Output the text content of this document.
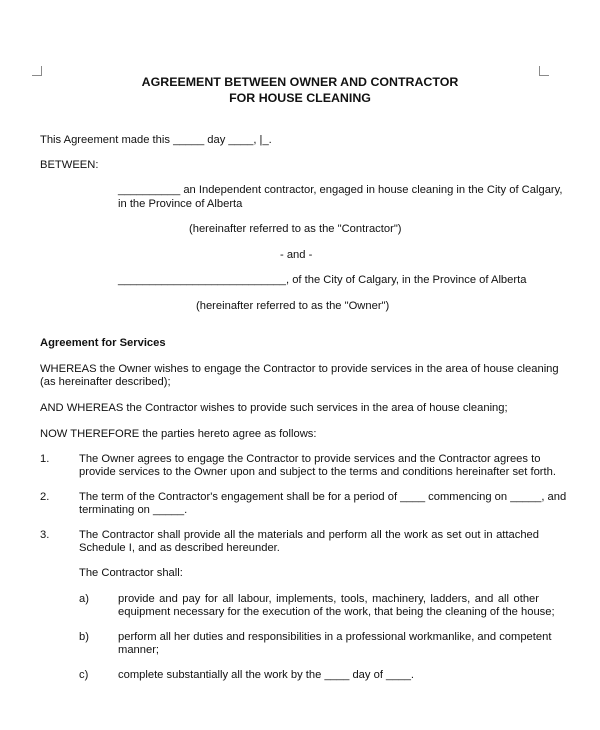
AGREEMENT BETWEEN OWNER AND CONTRACTOR
FOR HOUSE CLEANING
This Agreement made this _____ day ____, |_.
BETWEEN:
__________ an Independent contractor, engaged in house cleaning in the City of Calgary,
in the Province of Alberta
(hereinafter referred to as the "Contractor")
- and -
___________________________, of the City of Calgary, in the Province of Alberta
(hereinafter referred to as the "Owner")
Agreement for Services
WHEREAS the Owner wishes to engage the Contractor to provide services in the area of house cleaning
(as hereinafter described);
AND WHEREAS the Contractor wishes to provide such services in the area of house cleaning;
NOW THEREFORE the parties hereto agree as follows:
1.	The Owner agrees to engage the Contractor to provide services and the Contractor agrees to
provide services to the Owner upon and subject to the terms and conditions hereinafter set forth.
2.	The term of the Contractor's engagement shall be for a period of ____ commencing on _____, and
terminating on _____.
3.	The Contractor shall provide all the materials and perform all the work as set out in attached
Schedule I, and as described hereunder.
The Contractor shall:
a)	provide and pay for all labour, implements, tools, machinery, ladders, and all other
equipment necessary for the execution of the work, that being the cleaning of the house;
b)	perform all her duties and responsibilities in a professional workmanlike, and competent
manner;
c)	complete substantially all the work by the ____ day of ____.
